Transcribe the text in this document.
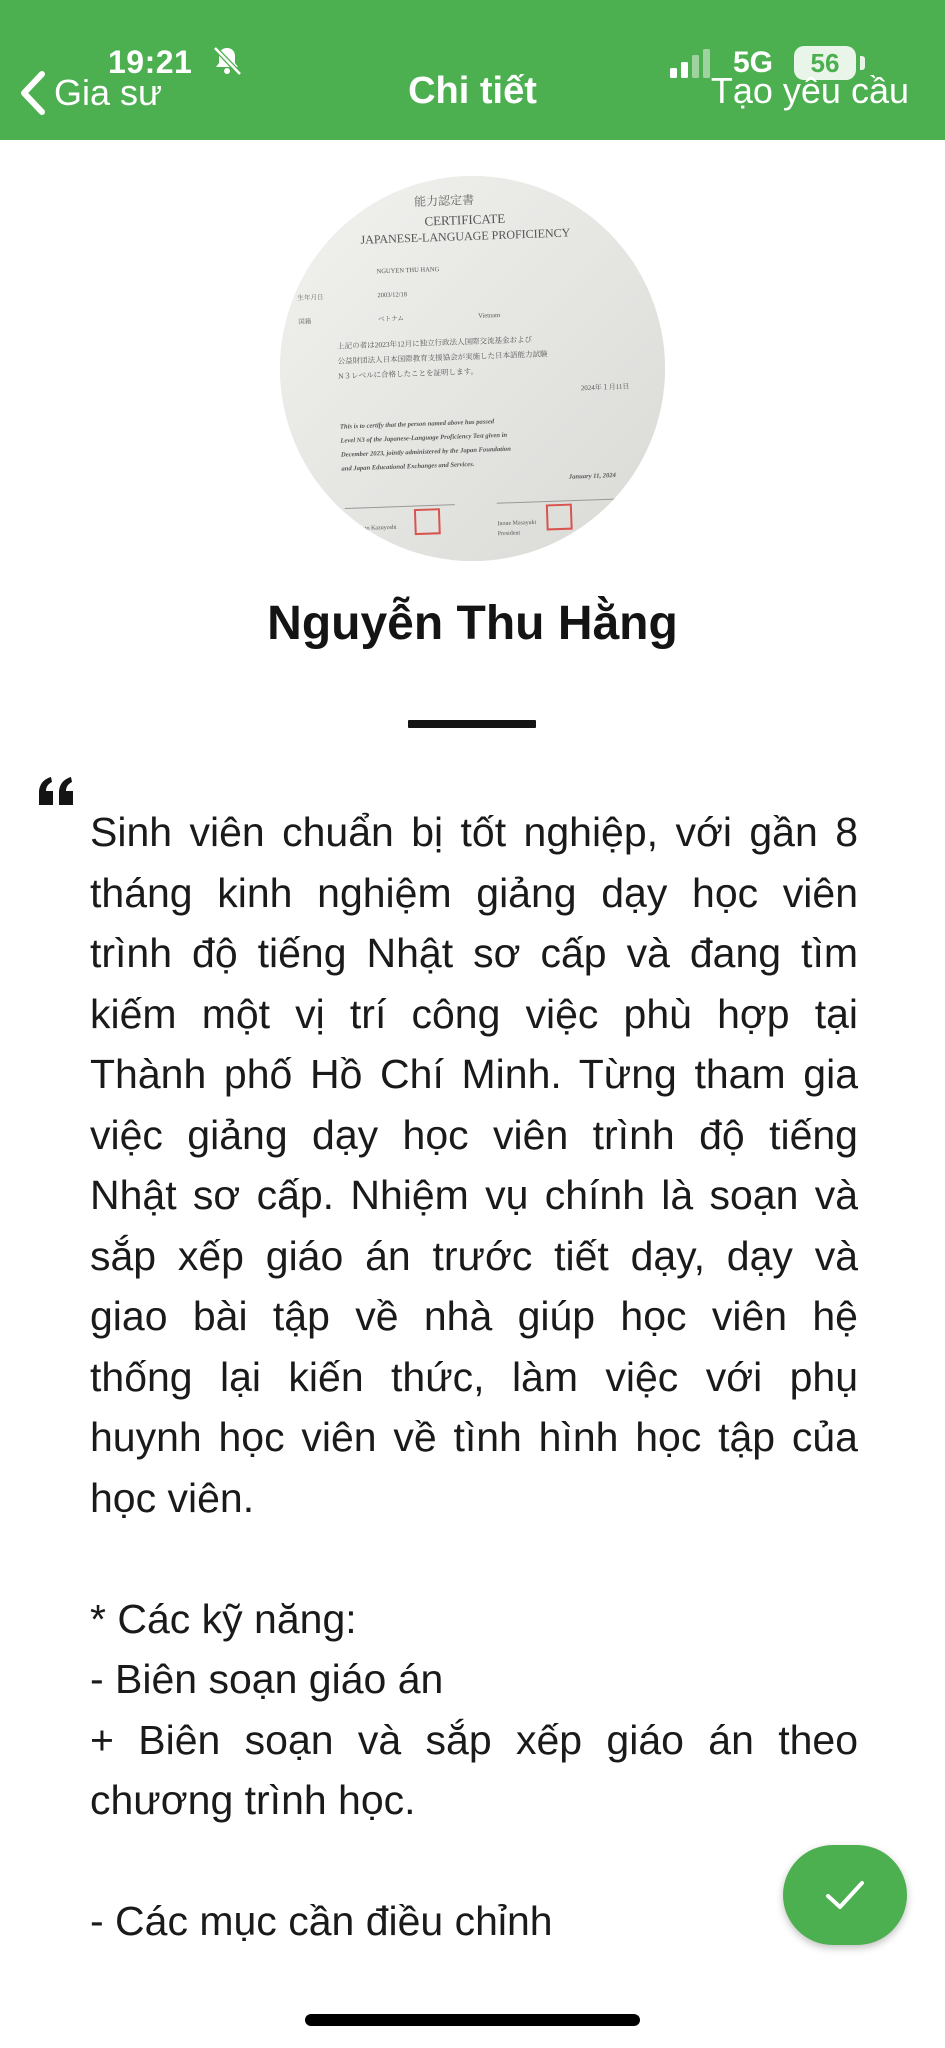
19:21	5G	56
Gia sư	Chi tiết	Tạo yêu cầu
能力認定書
CERTIFICATE
JAPANESE-LANGUAGE PROFICIENCY
NGUYEN THU HANG
生年月日	2003/12/18
国籍	ベトナム	Vietnam
上記の者は2023年12月に独立行政法人国際交流基金および
公益財団法人日本国際教育支援協会が実施した日本語能力試験
N３レベルに合格したことを証明します。
2024年１月11日
This is to certify that the person named above has passed
Level N3 of the Japanese-Language Proficiency Test given in
December 2023, jointly administered by the Japan Foundation
and Japan Educational Exchanges and Services.
January 11, 2024
Umemoto Kazuyoshi
Inoue Masayuki
President
Nguyễn Thu Hằng
Sinh viên chuẩn bị tốt nghiệp, với gần 8 tháng kinh nghiệm giảng dạy học viên trình độ tiếng Nhật sơ cấp và đang tìm kiếm một vị trí công việc phù hợp tại Thành phố Hồ Chí Minh. Từng tham gia việc giảng dạy học viên trình độ tiếng Nhật sơ cấp. Nhiệm vụ chính là soạn và sắp xếp giáo án trước tiết dạy, dạy và giao bài tập về nhà giúp học viên hệ thống lại kiến thức, làm việc với phụ huynh học viên về tình hình học tập của học viên.

* Các kỹ năng:
- Biên soạn giáo án
+ Biên soạn và sắp xếp giáo án theo chương trình học.

- Các mục cần điều chỉnh
